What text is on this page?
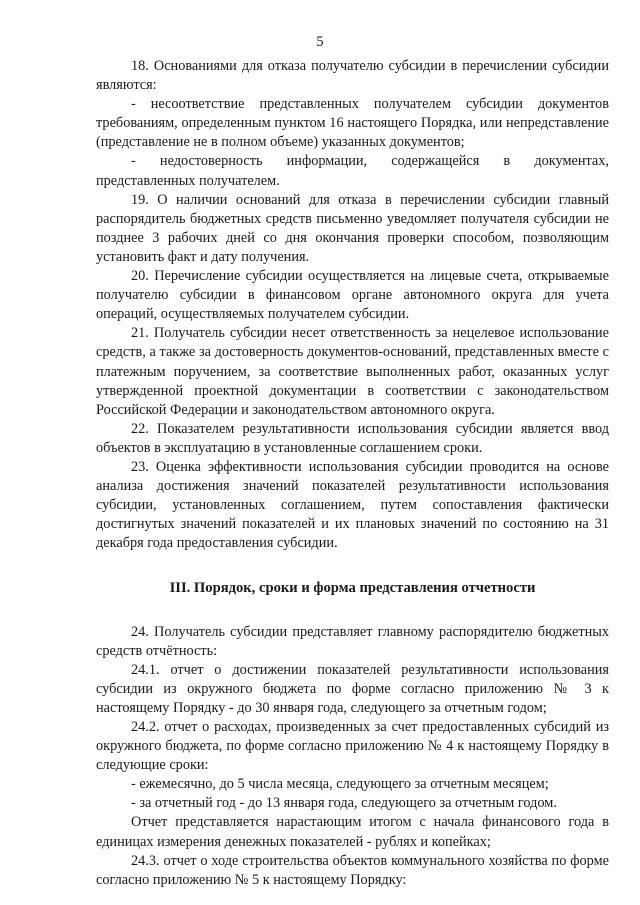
5

18. Основаниями для отказа получателю субсидии в перечислении субсидии являются:

- несоответствие представленных получателем субсидии документов требованиям, определенным пунктом 16 настоящего Порядка, или непредставление (представление не в полном объеме) указанных документов;

- недостоверность информации, содержащейся в документах, представленных получателем.

19. О наличии оснований для отказа в перечислении субсидии главный распорядитель бюджетных средств письменно уведомляет получателя субсидии не позднее 3 рабочих дней со дня окончания проверки способом, позволяющим установить факт и дату получения.

20. Перечисление субсидии осуществляется на лицевые счета, открываемые получателю субсидии в финансовом органе автономного округа для учета операций, осуществляемых получателем субсидии.

21. Получатель субсидии несет ответственность за нецелевое использование средств, а также за достоверность документов-оснований, представленных вместе с платежным поручением, за соответствие выполненных работ, оказанных услуг утвержденной проектной документации в соответствии с законодательством Российской Федерации и законодательством автономного округа.

22. Показателем результативности использования субсидии является ввод объектов в эксплуатацию в установленные соглашением сроки.

23. Оценка эффективности использования субсидии проводится на основе анализа достижения значений показателей результативности использования субсидии, установленных соглашением, путем сопоставления фактически достигнутых значений показателей и их плановых значений по состоянию на 31 декабря года предоставления субсидии.

III. Порядок, сроки и форма представления отчетности

24. Получатель субсидии представляет главному распорядителю бюджетных средств отчётность:

24.1. отчет о достижении показателей результативности использования субсидии из окружного бюджета по форме согласно приложению № 3 к настоящему Порядку - до 30 января года, следующего за отчетным годом;

24.2. отчет о расходах, произведенных за счет предоставленных субсидий из окружного бюджета, по форме согласно приложению № 4 к настоящему Порядку в следующие сроки:

- ежемесячно, до 5 числа месяца, следующего за отчетным месяцем;

- за отчетный год - до 13 января года, следующего за отчетным годом.

Отчет представляется нарастающим итогом с начала финансового года в единицах измерения денежных показателей - рублях и копейках;

24.3. отчет о ходе строительства объектов коммунального хозяйства по форме согласно приложению № 5 к настоящему Порядку:
